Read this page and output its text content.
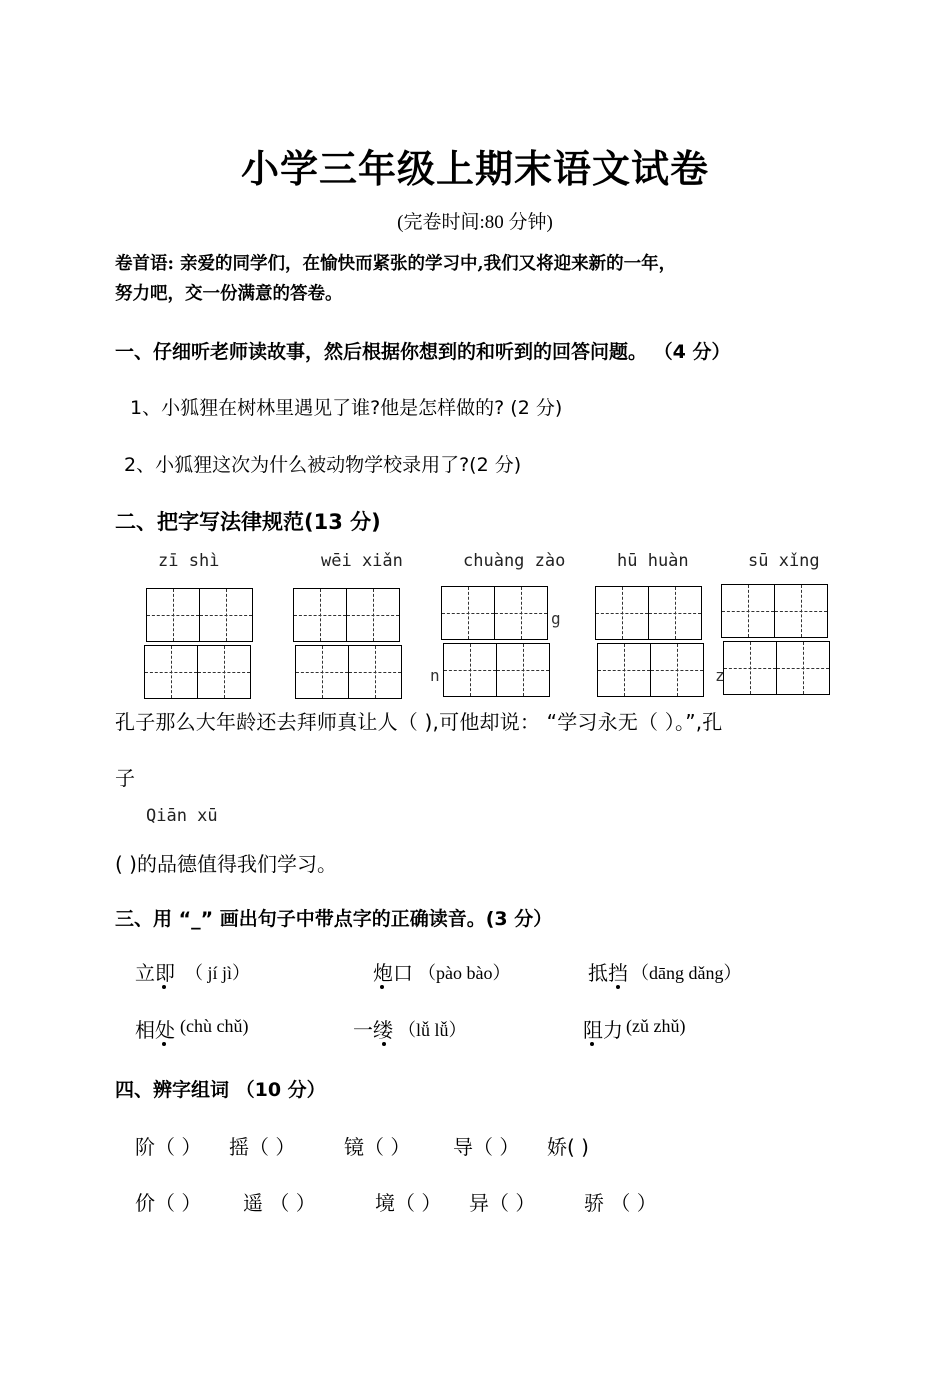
小学三年级上期末语文试卷
(完卷时间:80 分钟)
卷首语: 亲爱的同学们，在愉快而紧张的学习中,我们又将迎来新的一年，
努力吧，交一份满意的答卷。
一、仔细听老师读故事，然后根据你想到的和听到的回答问题。 （4 分）
1、小狐狸在树林里遇见了谁?他是怎样做的? (2 分)
2、小狐狸这次为什么被动物学校录用了?(2 分)
二、把字写法律规范(13 分)
zī shì	wēi xiǎn	chuàng zào	hū huàn	sū xǐng
g
n	z
孔子那么大年龄还去拜师真让人（ ),可他却说： “学习永无（ ）。”,孔
子
Qiān xū
( )的品德值得我们学习。
三、用 “_” 画出句子中带点字的正确读音。(3 分）
立即 （ jí jì）	炮口 （pào bào）	抵挡 （dāng dǎng）
相处 (chù chǔ)	一缕 （lǚ lǚ）	阻力 (zǔ zhǔ)
四、辨字组词 （10 分）
阶（ ） 摇（ ） 镜（ ） 导（ ） 娇( )
价（ ） 遥 （ ）	境（ ） 异（ ） 骄 （ ）
